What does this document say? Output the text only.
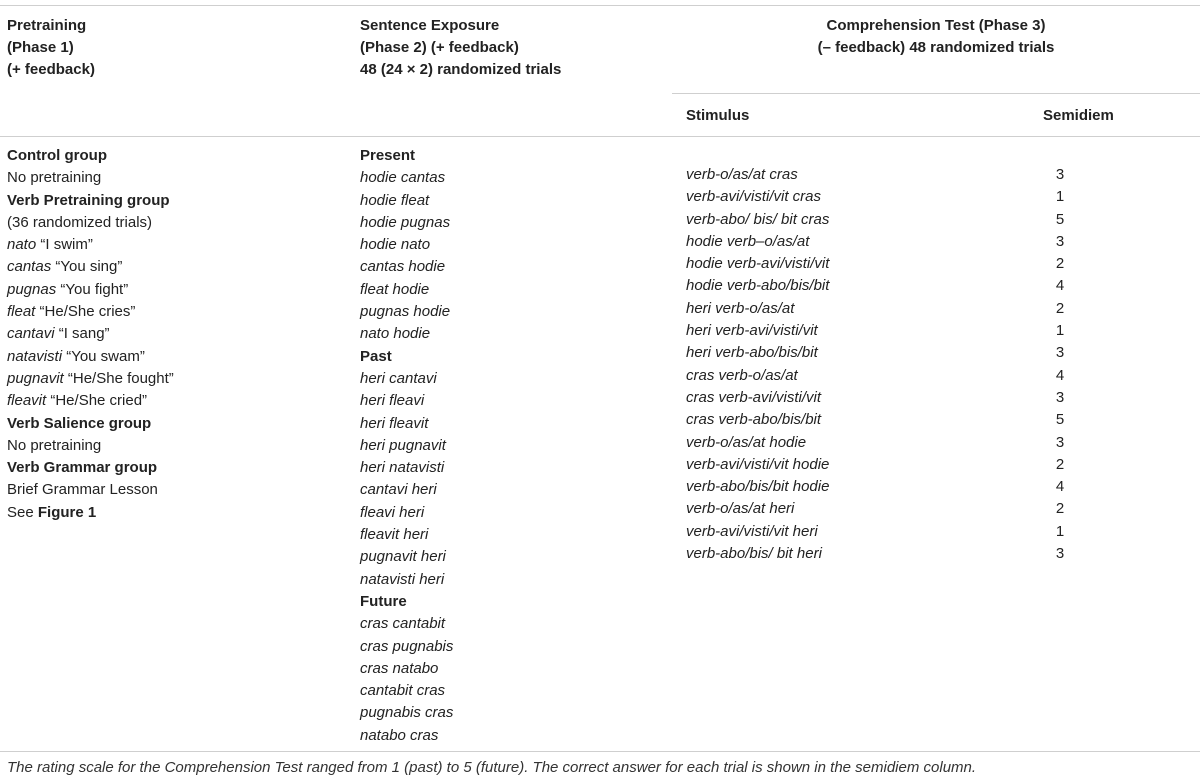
Pretraining
(Phase 1)
(+ feedback)
Sentence Exposure
(Phase 2) (+ feedback)
48 (24 × 2) randomized trials
Comprehension Test (Phase 3)
(– feedback) 48 randomized trials
Stimulus	Semidiem
Control group
No pretraining
Verb Pretraining group
(36 randomized trials)
nato “I swim”
cantas “You sing”
pugnas “You fight”
fleat “He/She cries”
cantavi “I sang”
natavisti “You swam”
pugnavit “He/She fought”
fleavit “He/She cried”
Verb Salience group
No pretraining
Verb Grammar group
Brief Grammar Lesson
See Figure 1
Present
hodie cantas
hodie fleat
hodie pugnas
hodie nato
cantas hodie
fleat hodie
pugnas hodie
nato hodie
Past
heri cantavi
heri fleavi
heri fleavit
heri pugnavit
heri natavisti
cantavi heri
fleavi heri
fleavit heri
pugnavit heri
natavisti heri
Future
cras cantabit
cras pugnabis
cras natabo
cantabit cras
pugnabis cras
natabo cras
verb-o/as/at cras
verb-avi/visti/vit cras
verb-abo/ bis/ bit cras
hodie verb–o/as/at
hodie verb-avi/visti/vit
hodie verb-abo/bis/bit
heri verb-o/as/at
heri verb-avi/visti/vit
heri verb-abo/bis/bit
cras verb-o/as/at
cras verb-avi/visti/vit
cras verb-abo/bis/bit
verb-o/as/at hodie
verb-avi/visti/vit hodie
verb-abo/bis/bit hodie
verb-o/as/at heri
verb-avi/visti/vit heri
verb-abo/bis/ bit heri
3
1
5
3
2
4
2
1
3
4
3
5
3
2
4
2
1
3

The rating scale for the Comprehension Test ranged from 1 (past) to 5 (future). The correct answer for each trial is shown in the semidiem column.
